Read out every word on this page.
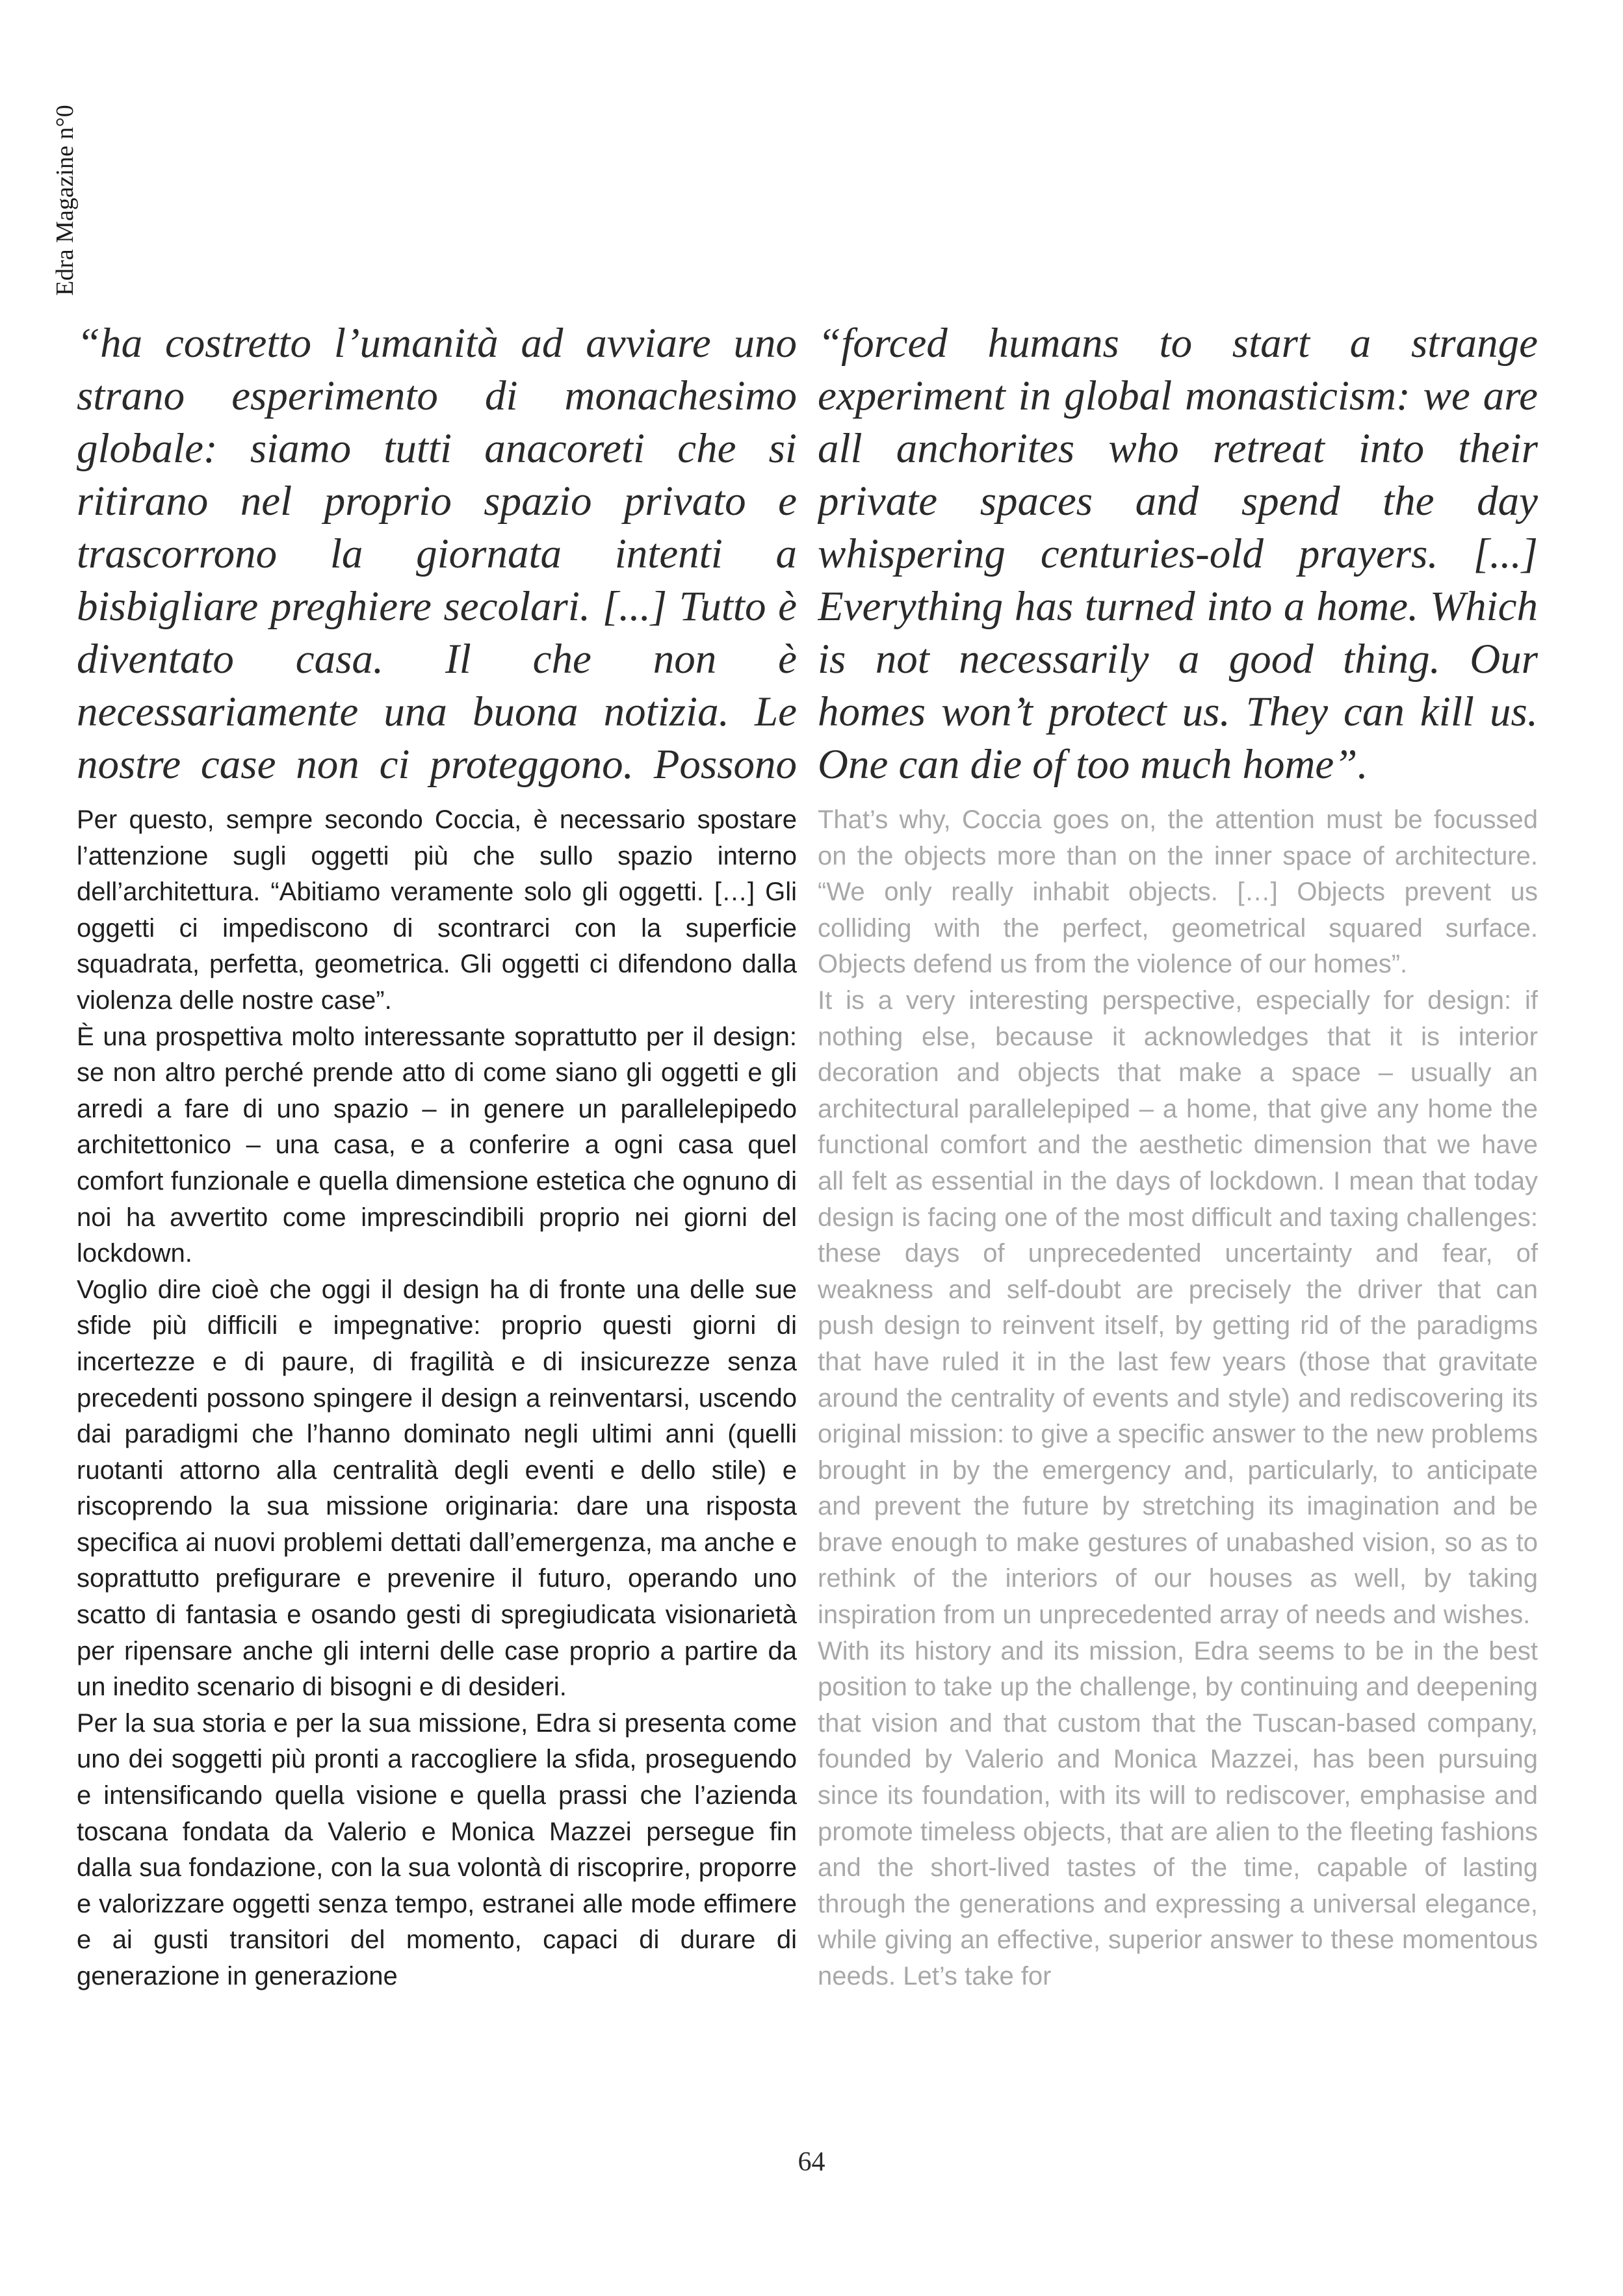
Edra Magazine n°0

“ha costretto l’umanità ad avviare uno strano esperimento di monachesimo globale: siamo tutti anacoreti che si ritirano nel proprio spazio privato e trascorrono la giornata intenti a bisbigliare preghiere secolari. [...] Tutto è diventato casa. Il che non è necessariamente una buona notizia. Le nostre case non ci proteggono. Possono

Per questo, sempre secondo Coccia, è necessario spostare l’attenzione sugli oggetti più che sullo spazio interno dell’architettura. “Abitiamo veramente solo gli oggetti. […] Gli oggetti ci impediscono di scontrarci con la superficie squadrata, perfetta, geometrica. Gli oggetti ci difendono dalla violenza delle nostre case”.

È una prospettiva molto interessante soprattutto per il design: se non altro perché prende atto di come siano gli oggetti e gli arredi a fare di uno spazio – in genere un parallelepipedo architettonico – una casa, e a conferire a ogni casa quel comfort funzionale e quella dimensione estetica che ognuno di noi ha avvertito come imprescindibili proprio nei giorni del lockdown.

Voglio dire cioè che oggi il design ha di fronte una delle sue sfide più difficili e impegnative: proprio questi giorni di incertezze e di paure, di fragilità e di insicurezze senza precedenti possono spingere il design a reinventarsi, uscendo dai paradigmi che l’hanno dominato negli ultimi anni (quelli ruotanti attorno alla centralità degli eventi e dello stile) e riscoprendo la sua missione originaria: dare una risposta specifica ai nuovi problemi dettati dall’emergenza, ma anche e soprattutto prefigurare e prevenire il futuro, operando uno scatto di fantasia e osando gesti di spregiudicata visionarietà per ripensare anche gli interni delle case proprio a partire da un inedito scenario di bisogni e di desideri.

Per la sua storia e per la sua missione, Edra si presenta come uno dei soggetti più pronti a raccogliere la sfida, proseguendo e intensificando quella visione e quella prassi che l’azienda toscana fondata da Valerio e Monica Mazzei persegue fin dalla sua fondazione, con la sua volontà di riscoprire, proporre e valorizzare oggetti senza tempo, estranei alle mode effimere e ai gusti transitori del momento, capaci di durare di generazione in generazione

“forced humans to start a strange experiment in global monasticism: we are all anchorites who retreat into their private spaces and spend the day whispering centuries-old prayers. [...] Everything has turned into a home. Which is not necessarily a good thing. Our homes won’t protect us. They can kill us. One can die of too much home”.

That’s why, Coccia goes on, the attention must be focussed on the objects more than on the inner space of architecture. “We only really inhabit objects. […] Objects prevent us colliding with the perfect, geometrical squared surface. Objects defend us from the violence of our homes”.

It is a very interesting perspective, especially for design: if nothing else, because it acknowledges that it is interior decoration and objects that make a space – usually an architectural parallelepiped – a home, that give any home the functional comfort and the aesthetic dimension that we have all felt as essential in the days of lockdown. I mean that today design is facing one of the most difficult and taxing challenges: these days of unprecedented uncertainty and fear, of weakness and self-doubt are precisely the driver that can push design to reinvent itself, by getting rid of the paradigms that have ruled it in the last few years (those that gravitate around the centrality of events and style) and rediscovering its original mission: to give a specific answer to the new problems brought in by the emergency and, particularly, to anticipate and prevent the future by stretching its imagination and be brave enough to make gestures of unabashed vision, so as to rethink of the interiors of our houses as well, by taking inspiration from un unprecedented array of needs and wishes.

With its history and its mission, Edra seems to be in the best position to take up the challenge, by continuing and deepening that vision and that custom that the Tuscan-based company, founded by Valerio and Monica Mazzei, has been pursuing since its foundation, with its will to rediscover, emphasise and promote timeless objects, that are alien to the fleeting fashions and the short-lived tastes of the time, capable of lasting through the generations and expressing a universal elegance, while giving an effective, superior answer to these momentous needs. Let’s take for

64
